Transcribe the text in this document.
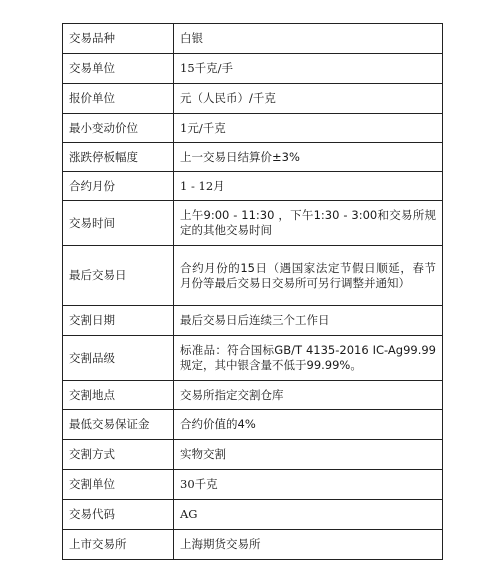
交易品种	白银
交易单位	15千克/手
报价单位	元（人民币）/千克
最小变动价位	1元/千克
涨跌停板幅度	上一交易日结算价±3%
合约月份	1 - 12月
交易时间	上午9:00 - 11:30 ，下午1:30 - 3:00和交易所规定的其他交易时间

最后交易日	合约月份的15日（遇国家法定节假日顺延，春节月份等最后交易日交易所可另行调整并通知）

交割日期	最后交易日后连续三个工作日
交割品级	标准品：符合国标GB/T 4135-2016 IC-Ag99.99规定，其中银含量不低于99.99%。

交割地点	交易所指定交割仓库
最低交易保证金	合约价值的4%
交割方式	实物交割
交割单位	30千克
交易代码	AG
上市交易所	上海期货交易所
